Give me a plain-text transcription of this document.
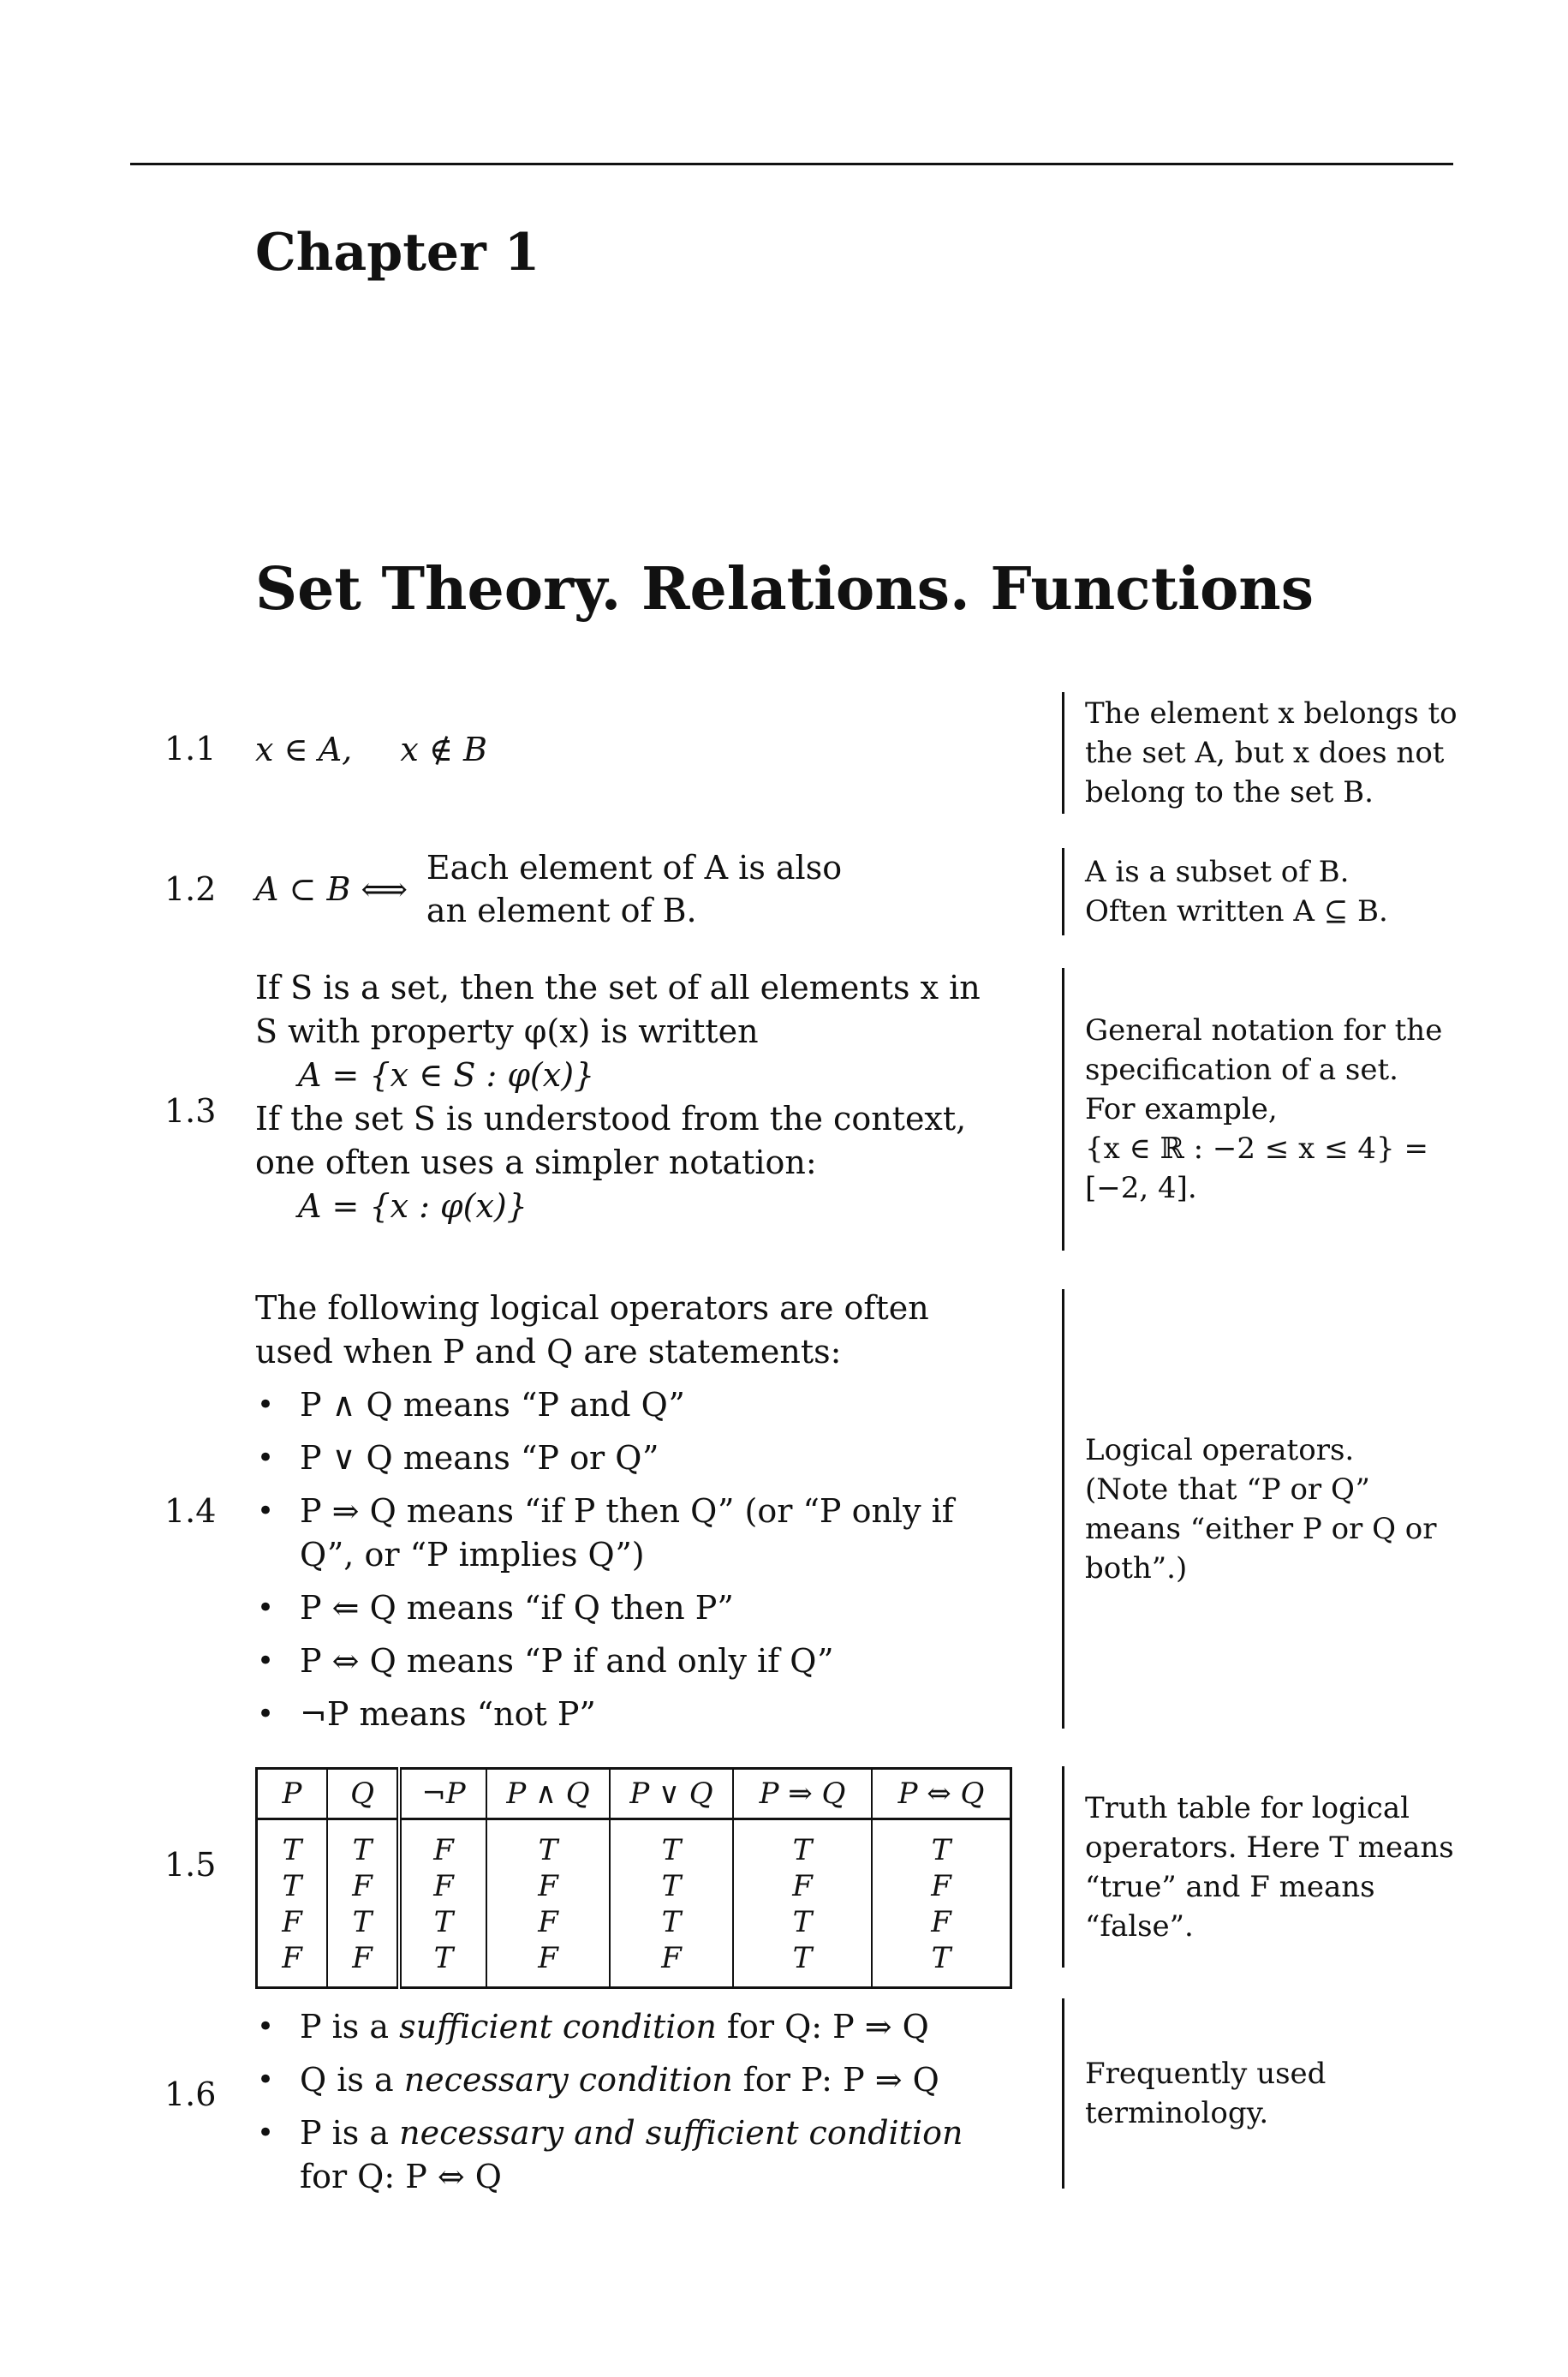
Chapter 1
Set Theory. Relations. Functions
1.1 x ∈ A, x ∉ B

The element x belongs to the set A, but x does not belong to the set B.

1.2 A ⊂ B ⟺
Each element of A is also
an element of B.
A is a subset of B.
Often written A ⊆ B.
1.3

If S is a set, then the set of all elements x in S with property φ(x) is written

A = {x ∈ S : φ(x)}

If the set S is understood from the context, one often uses a simpler notation:

A = {x : φ(x)}

General notation for the specification of a set.
For example,
{x ∈ ℝ : −2 ≤ x ≤ 4} = [−2, 4].
1.4

The following logical operators are often used when P and Q are statements:

• P ∧ Q means “P and Q”
• P ∨ Q means “P or Q”
• P ⇒ Q means “if P then Q” (or “P only if Q”, or “P implies Q”)
• P ⇐ Q means “if Q then P”
• P ⇔ Q means “P if and only if Q”
• ¬P means “not P”
Logical operators.
(Note that “P or Q” means “either P or Q or both”.)
1.5
P	Q	¬P	P ∧ Q	P ∨ Q	P ⇒ Q	P ⇔ Q
T	T	F	T	T	T	T
T	F	F	F	T	F	F
F	T	T	F	T	T	F
F	F	T	F	F	T	T

Truth table for logical operators. Here T means “true” and F means “false”.

1.6
• P is a sufficient condition for Q: P ⇒ Q
• Q is a necessary condition for P: P ⇒ Q
• P is a necessary and sufficient condition for Q: P ⇔ Q

Frequently used terminology.
